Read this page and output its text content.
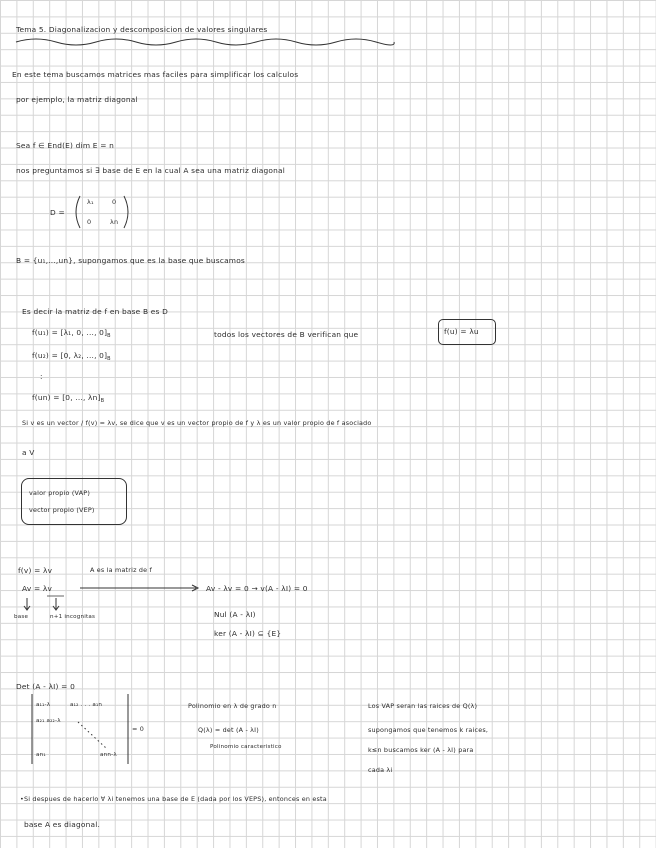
Tema 5. Diagonalizacion y descomposicion de valores singulares
En este tema buscamos matrices mas faciles para simplificar los calculos
por ejemplo, la matriz diagonal
Sea f ∈ End(E) dim E = n
nos preguntamos si ∃ base de E en la cual A sea una matriz diagonal
D =
λ₁	0
0	λn
B = {u₁,...,un}, supongamos que es la base que buscamos
Es decir la matriz de f en base B es D
f(u₁) = [λ₁, 0, ..., $0]_B$
f(u₂) = [0, λ₂, ..., $0]_B$
:
f(un) = [0, ..., $\lambda n]_B$
todos los vectores de B verifican que	f(u) = λu
Si v es un vector / f(v) = λv, se dice que v es un vector propio de f y λ es un valor propio de f asociado
a V
valor propio (VAP)
vector propio (VEP)
f(v) = λv	A es la matriz de f
Av = λv	Av - λv = 0 → v(A - λI) = 0
base	n+1 incognitas	Nul (A - λI)
ker (A - λI) ⊆ {E}
Det (A - λI) = 0
a₁₁-λ	a₁₂ . . . a₁n
a₂₁ a₂₂-λ
an₁	ann-λ
= 0
Polinomio en λ de grado n
Q(λ) = det (A - λI)
Polinomio caracteristico
Los VAP seran las raices de Q(λ)
supongamos que tenemos k raices,
k≤n buscamos ker (A - λI) para
cada λi
•Si despues de hacerlo ∀ λi tenemos una base de E (dada por los VEPS), entonces en esta
base A es diagonal.
